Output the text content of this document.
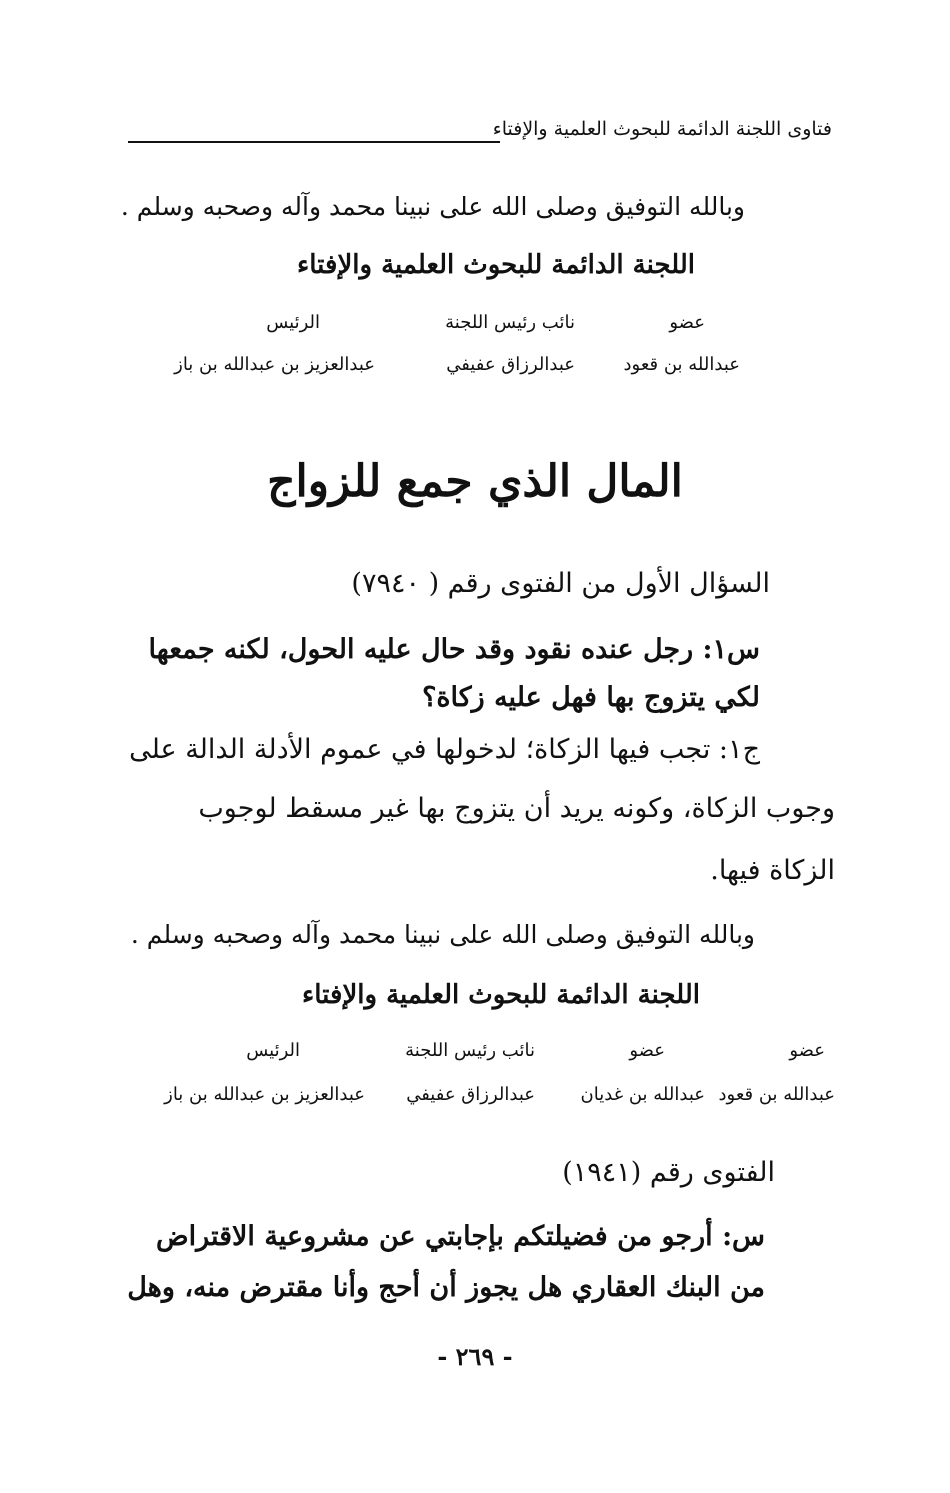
فتاوى اللجنة الدائمة للبحوث العلمية والإفتاء
وبالله التوفيق وصلى الله على نبينا محمد وآله وصحبه وسلم .
اللجنة الدائمة للبحوث العلمية والإفتاء
عضو
نائب رئيس اللجنة
الرئيس
عبدالله بن قعود
عبدالرزاق عفيفي
عبدالعزيز بن عبدالله بن باز
المال الذي جمع للزواج
السؤال الأول من الفتوى رقم ( ٧٩٤٠)
س١: رجل عنده نقود وقد حال عليه الحول، لكنه جمعها
لكي يتزوج بها فهل عليه زكاة؟
ج١: تجب فيها الزكاة؛ لدخولها في عموم الأدلة الدالة على
وجوب الزكاة، وكونه يريد أن يتزوج بها غير مسقط لوجوب
الزكاة فيها.
وبالله التوفيق وصلى الله على نبينا محمد وآله وصحبه وسلم .
اللجنة الدائمة للبحوث العلمية والإفتاء
عضو
عضو
نائب رئيس اللجنة
الرئيس
عبدالله بن قعود
عبدالله بن غديان
عبدالرزاق عفيفي
عبدالعزيز بن عبدالله بن باز
الفتوى رقم (١٩٤١)
س: أرجو من فضيلتكم بإجابتي عن مشروعية الاقتراض
من البنك العقاري هل يجوز أن أحج وأنا مقترض منه، وهل
- ٢٦٩ -
